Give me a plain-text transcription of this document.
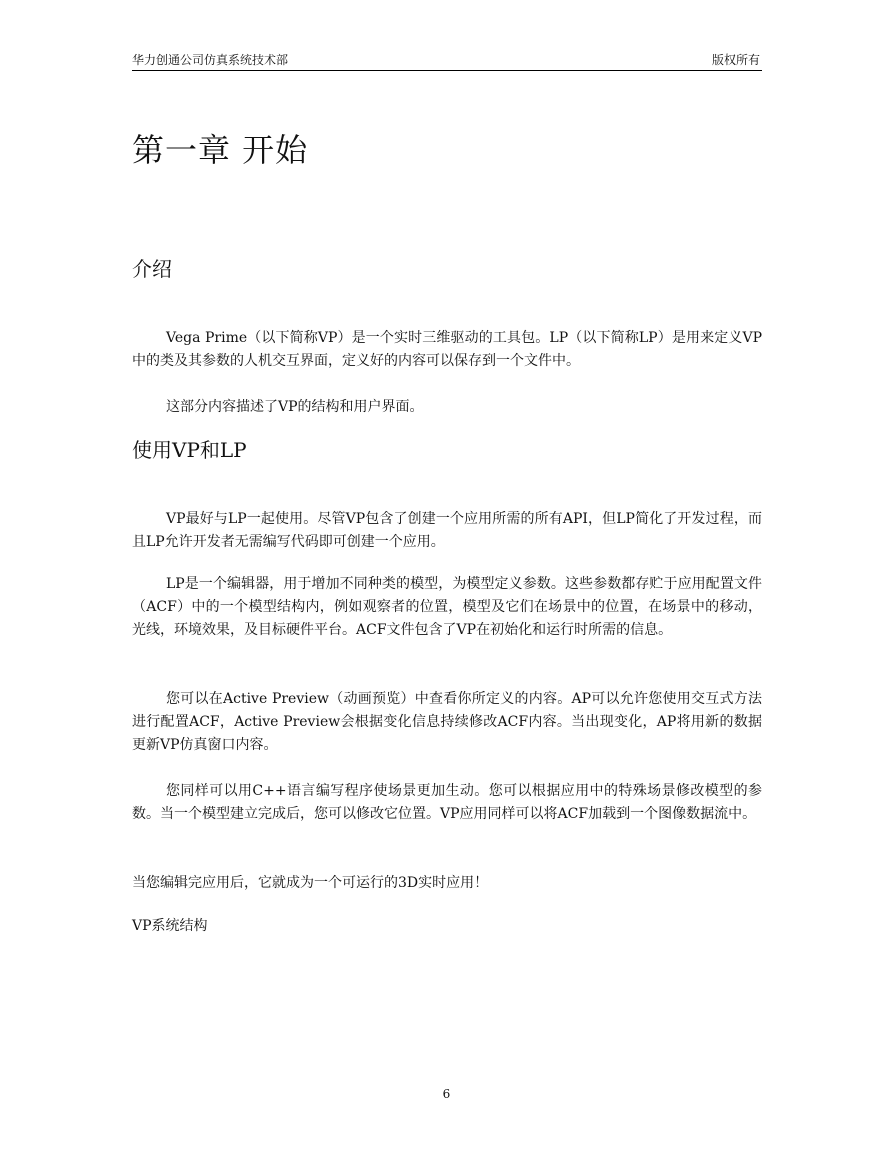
华力创通公司仿真系统技术部	版权所有
第一章 开始
介绍

Vega Prime（以下简称VP）是一个实时三维驱动的工具包。LP（以下简称LP）是用来定义VP中的类及其参数的人机交互界面，定义好的内容可以保存到一个文件中。

这部分内容描述了VP的结构和用户界面。

使用VP和LP

VP最好与LP一起使用。尽管VP包含了创建一个应用所需的所有API，但LP简化了开发过程，而且LP允许开发者无需编写代码即可创建一个应用。

LP是一个编辑器，用于增加不同种类的模型，为模型定义参数。这些参数都存贮于应用配置文件（ACF）中的一个模型结构内，例如观察者的位置，模型及它们在场景中的位置，在场景中的移动，光线，环境效果，及目标硬件平台。ACF文件包含了VP在初始化和运行时所需的信息。

您可以在Active Preview（动画预览）中查看你所定义的内容。AP可以允许您使用交互式方法进行配置ACF，Active Preview会根据变化信息持续修改ACF内容。当出现变化，AP将用新的数据更新VP仿真窗口内容。

您同样可以用C++语言编写程序使场景更加生动。您可以根据应用中的特殊场景修改模型的参数。当一个模型建立完成后，您可以修改它位置。VP应用同样可以将ACF加载到一个图像数据流中。

当您编辑完应用后，它就成为一个可运行的3D实时应用！

VP系统结构

6
